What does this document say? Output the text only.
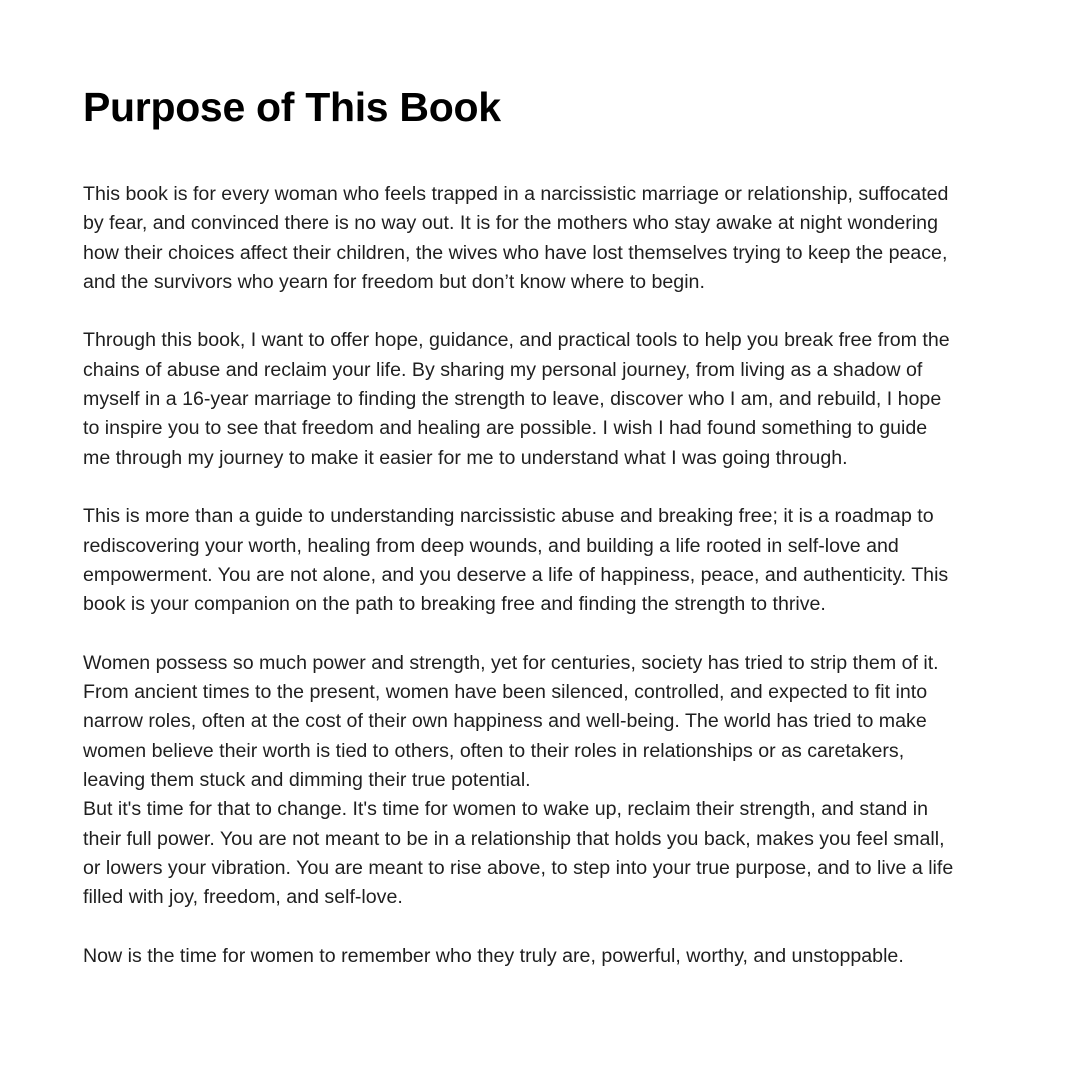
Purpose of This Book

This book is for every woman who feels trapped in a narcissistic marriage or relationship, suffocated
by fear, and convinced there is no way out. It is for the mothers who stay awake at night wondering
how their choices affect their children, the wives who have lost themselves trying to keep the peace,
and the survivors who yearn for freedom but don’t know where to begin.

Through this book, I want to offer hope, guidance, and practical tools to help you break free from the
chains of abuse and reclaim your life. By sharing my personal journey, from living as a shadow of
myself in a 16-year marriage to finding the strength to leave, discover who I am, and rebuild, I hope
to inspire you to see that freedom and healing are possible. I wish I had found something to guide
me through my journey to make it easier for me to understand what I was going through.

This is more than a guide to understanding narcissistic abuse and breaking free; it is a roadmap to
rediscovering your worth, healing from deep wounds, and building a life rooted in self-love and
empowerment. You are not alone, and you deserve a life of happiness, peace, and authenticity. This
book is your companion on the path to breaking free and finding the strength to thrive.

Women possess so much power and strength, yet for centuries, society has tried to strip them of it.
From ancient times to the present, women have been silenced, controlled, and expected to fit into
narrow roles, often at the cost of their own happiness and well-being. The world has tried to make
women believe their worth is tied to others, often to their roles in relationships or as caretakers,
leaving them stuck and dimming their true potential.

But it's time for that to change. It's time for women to wake up, reclaim their strength, and stand in
their full power. You are not meant to be in a relationship that holds you back, makes you feel small,
or lowers your vibration. You are meant to rise above, to step into your true purpose, and to live a life
filled with joy, freedom, and self-love.

Now is the time for women to remember who they truly are, powerful, worthy, and unstoppable.
